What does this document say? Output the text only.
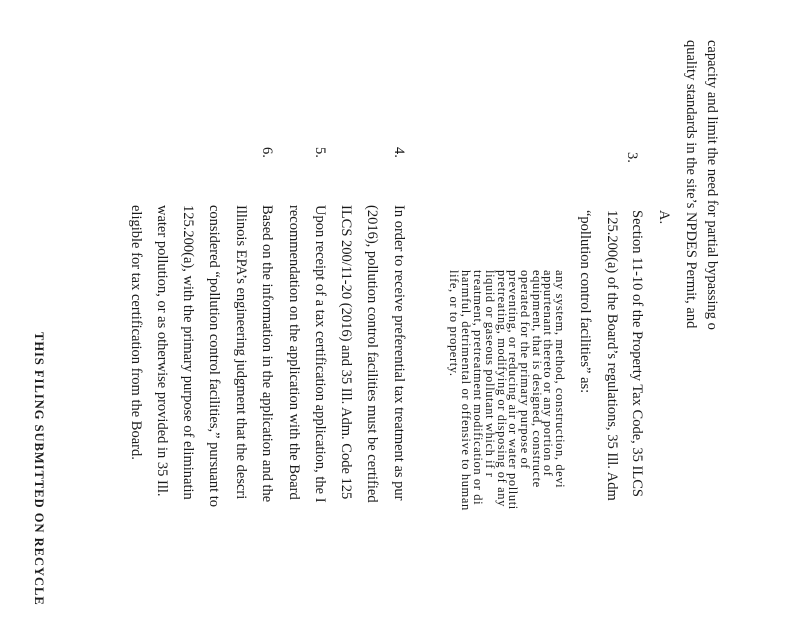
capacity and limit the need for partial bypassing o
quality standards in the site’s NPDES Permit, and
3.
A.
Section 11-10 of the Property Tax Code, 35 ILCS
125.200(a) of the Board’s regulations, 35 Ill. Adm
“pollution control facilities” as:
any system, method, construction, devi
appurtenant thereto or any portion of
equipment, that is designed, constructe
operated for the primary purpose of
preventing, or reducing air or water polluti
pretreating, modifying or disposing of any
liquid or gaseous pollutant which if r
treatment, pretreatment modification or di
harmful, detrimental or offensive to human
life, or to property.
4.
In order to receive preferential tax treatment as pur
(2016), pollution control facilities must be certified
ILCS 200/11-20 (2016) and 35 Ill. Adm. Code 125
5.
Upon receipt of a tax certification application, the I
recommendation on the application with the Board
6.
Based on the information in the application and the
Illinois EPA’s engineering judgment that the descri
considered “pollution control facilities,” pursuant to
125.200(a), with the primary purpose of eliminatin
water pollution, or as otherwise provided in 35 Ill.
eligible for tax certification from the Board.
THIS FILING SUBMITTED ON RECYCLE
